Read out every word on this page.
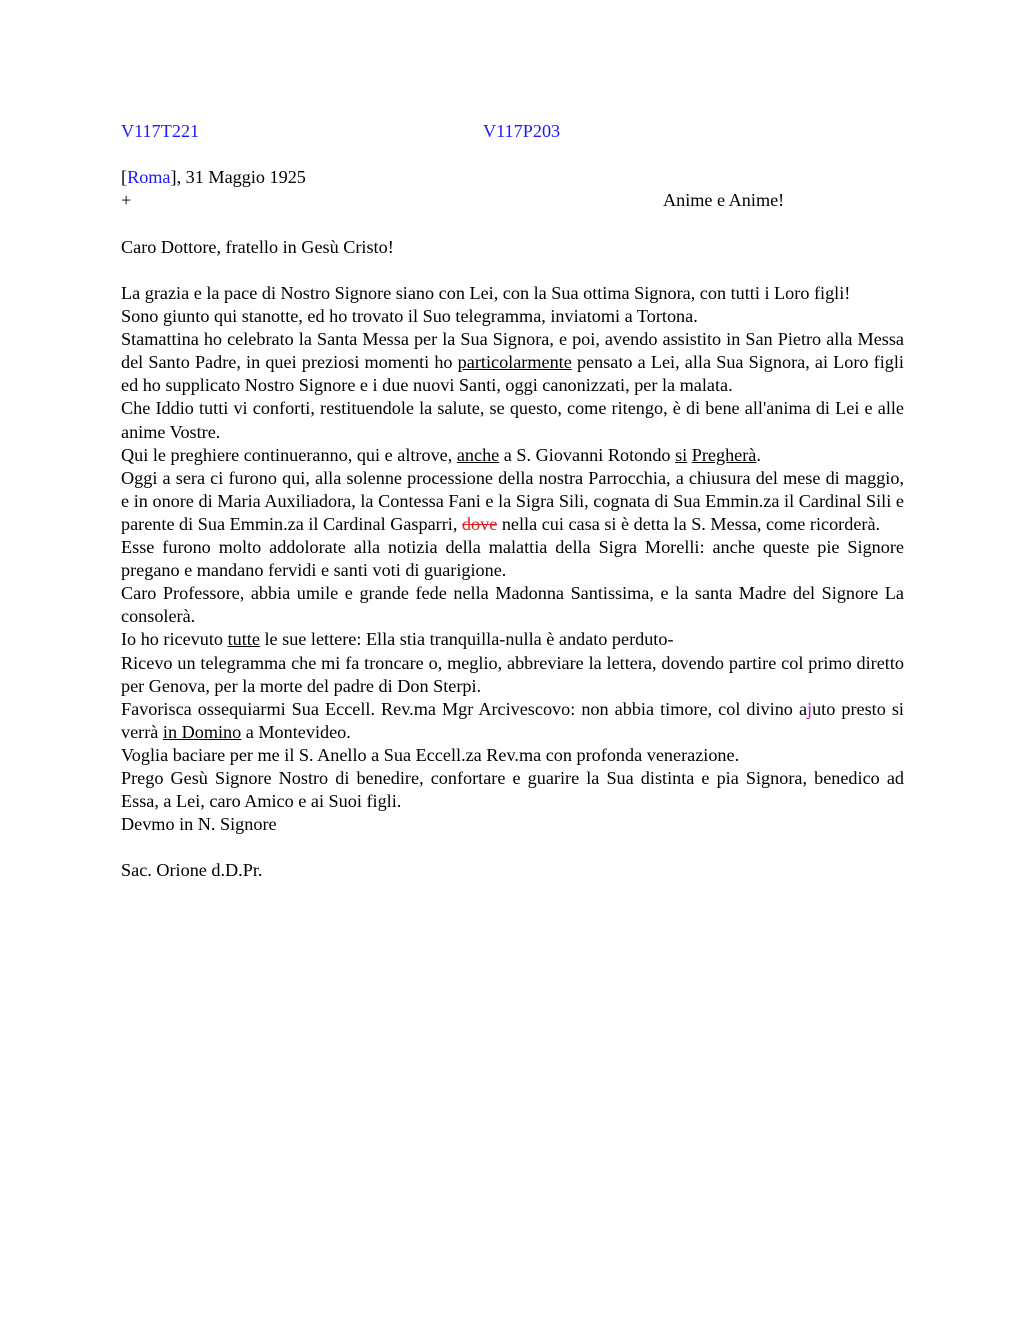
V117T221	V117P203
[Roma], 31 Maggio 1925
+	Anime e Anime!
Caro Dottore, fratello in Gesù Cristo!

La grazia e la pace di Nostro Signore siano con Lei, con la Sua ottima Signora, con tutti i Loro figli!

Sono giunto qui stanotte, ed ho trovato il Suo telegramma, inviatomi a Tortona.

Stamattina ho celebrato la Santa Messa per la Sua Signora, e poi, avendo assistito in San Pietro alla Messa del Santo Padre, in quei preziosi momenti ho particolarmente pensato a Lei, alla Sua Signora, ai Loro figli ed ho supplicato Nostro Signore e i due nuovi Santi, oggi canonizzati, per la malata.

Che Iddio tutti vi conforti, restituendole la salute, se questo, come ritengo, è di bene all'anima di Lei e alle anime Vostre.

Qui le preghiere continueranno, qui e altrove, anche a S. Giovanni Rotondo si Pregherà.

Oggi a sera ci furono qui, alla solenne processione della nostra Parrocchia, a chiusura del mese di maggio, e in onore di Maria Auxiliadora, la Contessa Fani e la Sigra Sili, cognata di Sua Emmin.za il Cardinal Sili e parente di Sua Emmin.za il Cardinal Gasparri, dove nella cui casa si è detta la S. Messa, come ricorderà.

Esse furono molto addolorate alla notizia della malattia della Sigra Morelli: anche queste pie Signore pregano e mandano fervidi e santi voti di guarigione.

Caro Professore, abbia umile e grande fede nella Madonna Santissima, e la santa Madre del Signore La consolerà.

Io ho ricevuto tutte le sue lettere: Ella stia tranquilla-nulla è andato perduto-

Ricevo un telegramma che mi fa troncare o, meglio, abbreviare la lettera, dovendo partire col primo diretto per Genova, per la morte del padre di Don Sterpi.

Favorisca ossequiarmi Sua Eccell. Rev.ma Mgr Arcivescovo: non abbia timore, col divino ajuto presto si verrà in Domino a Montevideo.

Voglia baciare per me il S. Anello a Sua Eccell.za Rev.ma con profonda venerazione.

Prego Gesù Signore Nostro di benedire, confortare e guarire la Sua distinta e pia Signora, benedico ad Essa, a Lei, caro Amico e ai Suoi figli.

Devmo in N. Signore

Sac. Orione d.D.Pr.
